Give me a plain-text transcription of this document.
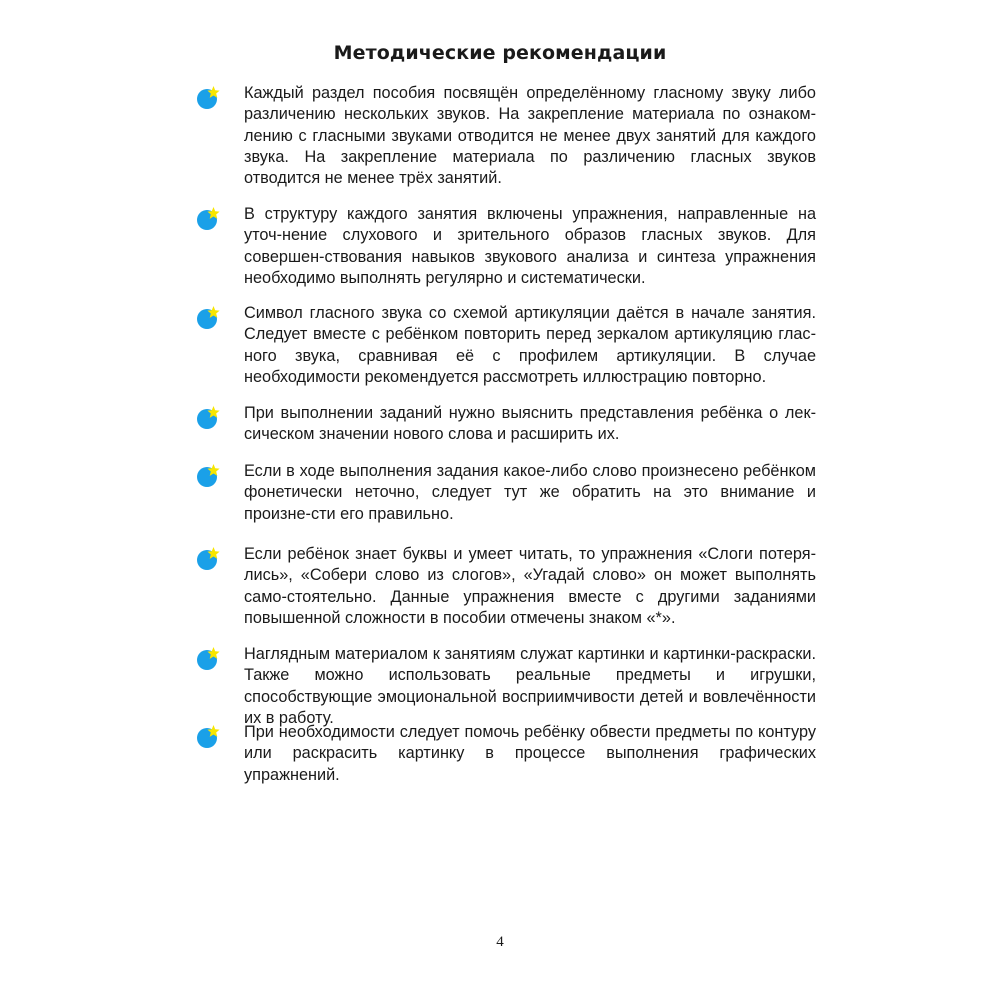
Методические рекомендации
Каждый раздел пособия посвящён определённому гласному звуку либо различению нескольких звуков. На закрепление материала по ознаком-​лению с гласными звуками отводится не менее двух занятий для каждого звука. На закрепление материала по различению гласных звуков отводится не менее трёх занятий.
В структуру каждого занятия включены упражнения, направленные на уточ-​нение слухового и зрительного образов гласных звуков. Для совершен-​ствования навыков звукового анализа и синтеза упражнения необходимо выполнять регулярно и систематически.
Символ гласного звука со схемой артикуляции даётся в начале занятия. Следует вместе с ребёнком повторить перед зеркалом артикуляцию глас-​ного звука, сравнивая её с профилем артикуляции. В случае необходимости рекомендуется рассмотреть иллюстрацию повторно.
При выполнении заданий нужно выяснить представления ребёнка о лек-​сическом значении нового слова и расширить их.
Если в ходе выполнения задания какое-либо слово произнесено ребёнком фонетически неточно, следует тут же обратить на это внимание и произне-​сти его правильно.
Если ребёнок знает буквы и умеет читать, то упражнения «Слоги потеря-​лись», «Собери слово из слогов», «Угадай слово» он может выполнять само-​стоятельно. Данные упражнения вместе с другими заданиями повышенной сложности в пособии отмечены знаком «*».
Наглядным материалом к занятиям служат картинки и картинки-раскраски. Также можно использовать реальные предметы и игрушки, способствующие эмоциональной восприимчивости детей и вовлечённости их в работу.
При необходимости следует помочь ребёнку обвести предметы по контуру или раскрасить картинку в процессе выполнения графических упражнений.
4
